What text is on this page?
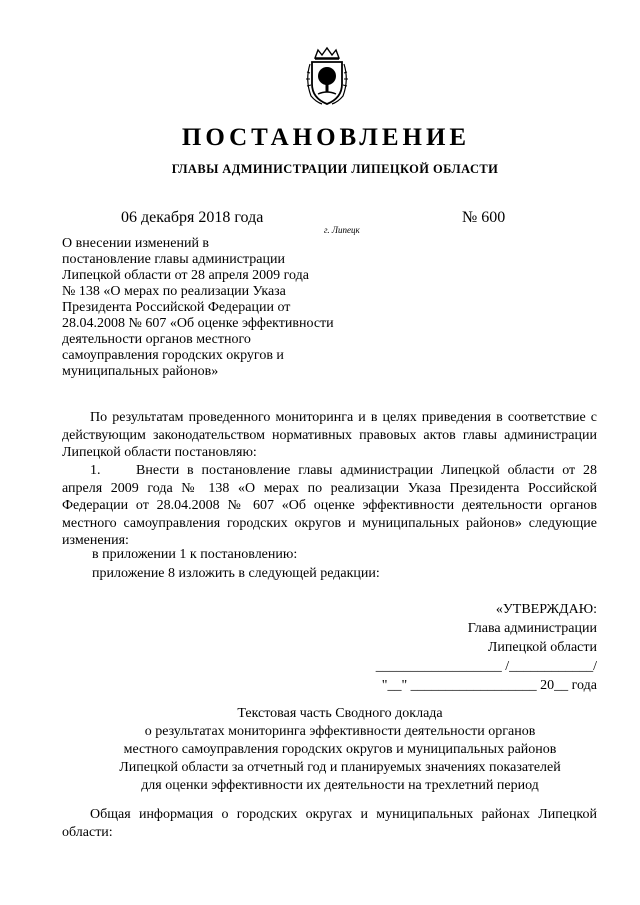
ПОСТАНОВЛЕНИЕ
ГЛАВЫ АДМИНИСТРАЦИИ ЛИПЕЦКОЙ ОБЛАСТИ
06 декабря 2018 года
г. Липецк
№ 600
О внесении изменений в
постановление главы администрации
Липецкой области от 28 апреля 2009 года
№ 138 «О мерах по реализации Указа
Президента Российской Федерации от
28.04.2008 № 607 «Об оценке эффективности
деятельности органов местного
самоуправления городских округов и
муниципальных районов»
По результатам проведенного мониторинга и в целях приведения в соответствие с действующим законодательством нормативных правовых актов главы администрации Липецкой области постановляю:
1.	Внести в постановление главы администрации Липецкой области от 28 апреля 2009 года № 138 «О мерах по реализации Указа Президента Российской Федерации от 28.04.2008 № 607 «Об оценке эффективности деятельности органов местного самоуправления городских округов и муниципальных районов» следующие изменения:
в приложении 1 к постановлению:
приложение 8 изложить в следующей редакции:
«УТВЕРЖДАЮ:
Глава администрации
Липецкой области
__________________ /____________/
"__" __________________ 20__ года
Текстовая часть Сводного доклада
о результатах мониторинга эффективности деятельности органов
местного самоуправления городских округов и муниципальных районов
Липецкой области за отчетный год и планируемых значениях показателей
для оценки эффективности их деятельности на трехлетний период
Общая информация о городских округах и муниципальных районах Липецкой области:
